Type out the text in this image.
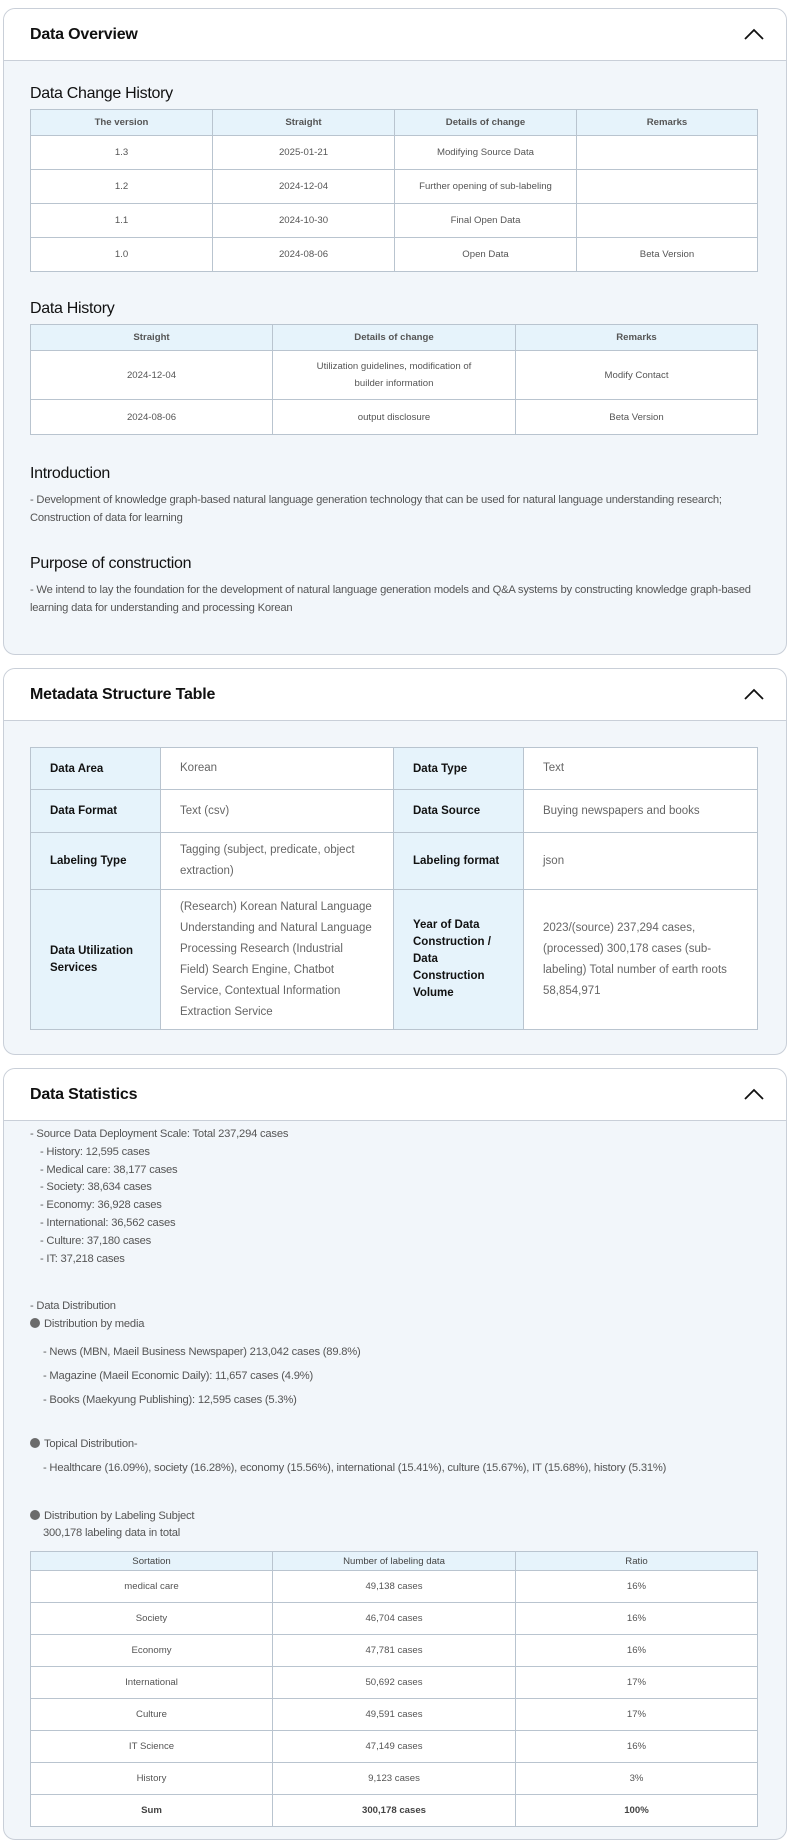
Data Overview
Data Change History
The version	Straight	Details of change	Remarks
1.3	2025-01-21	Modifying Source Data	
1.2	2024-12-04	Further opening of sub-labeling	
1.1	2024-10-30	Final Open Data	
1.0	2024-08-06	Open Data	Beta Version
Data History
Straight	Details of change	Remarks
2024-12-04	Utilization guidelines, modification of builder information	Modify Contact
2024-08-06	output disclosure	Beta Version
Introduction

- Development of knowledge graph-based natural language generation technology that can be used for natural language understanding research; Construction of data for learning

Purpose of construction

- We intend to lay the foundation for the development of natural language generation models and Q&A systems by constructing knowledge graph-based learning data for understanding and processing Korean

Metadata Structure Table
Data Area	Korean	Data Type	Text
Data Format	Text (csv)	Data Source	Buying newspapers and books
Labeling Type	Tagging (subject, predicate, object extraction)	Labeling format	json
Data Utilization Services	(Research) Korean Natural Language Understanding and Natural Language Processing Research (Industrial Field) Search Engine, Chatbot Service, Contextual Information Extraction Service	Year of Data Construction / Data Construction Volume	2023/(source) 237,294 cases, (processed) 300,178 cases (sub-labeling) Total number of earth roots 58,854,971
Data Statistics
- Source Data Deployment Scale: Total 237,294 cases
- History: 12,595 cases
- Medical care: 38,177 cases
- Society: 38,634 cases
- Economy: 36,928 cases
- International: 36,562 cases
- Culture: 37,180 cases
- IT: 37,218 cases
- Data Distribution
Distribution by media
- News (MBN, Maeil Business Newspaper) 213,042 cases (89.8%)
- Magazine (Maeil Economic Daily): 11,657 cases (4.9%)
- Books (Maekyung Publishing): 12,595 cases (5.3%)
Topical Distribution-
- Healthcare (16.09%), society (16.28%), economy (15.56%), international (15.41%), culture (15.67%), IT (15.68%), history (5.31%)
Distribution by Labeling Subject
300,178 labeling data in total
Sortation	Number of labeling data	Ratio
medical care	49,138 cases	16%
Society	46,704 cases	16%
Economy	47,781 cases	16%
International	50,692 cases	17%
Culture	49,591 cases	17%
IT Science	47,149 cases	16%
History	9,123 cases	3%
Sum	300,178 cases	100%
